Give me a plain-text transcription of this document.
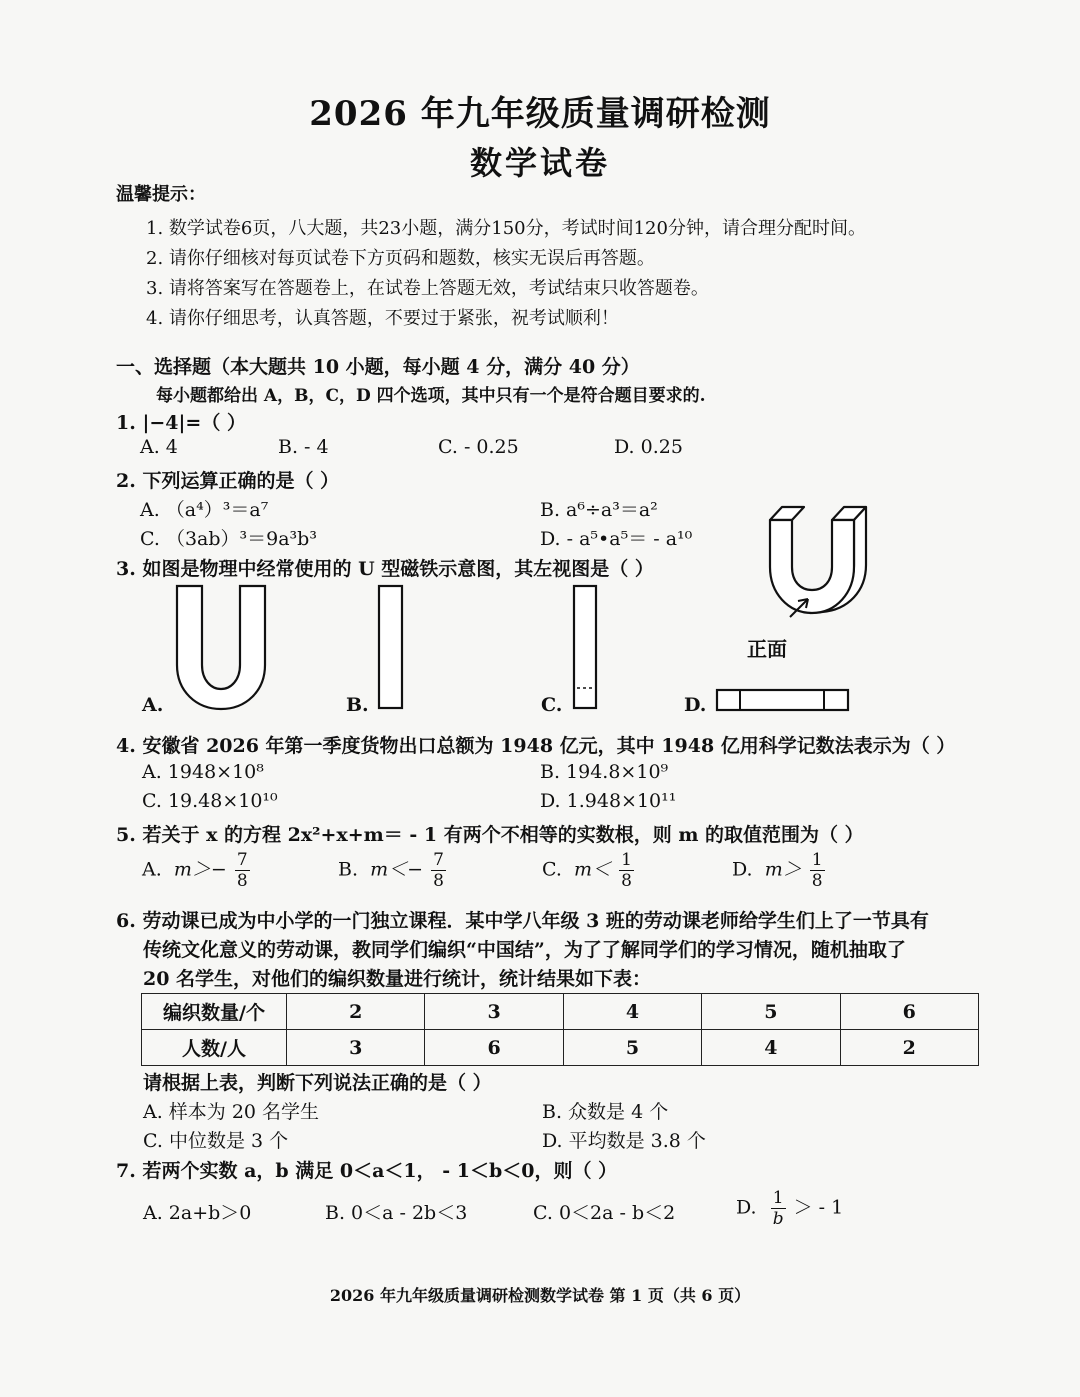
2026 年九年级质量调研检测
数学试卷
温馨提示：
1. 数学试卷6页，八大题，共23小题，满分150分，考试时间120分钟，请合理分配时间。
2. 请你仔细核对每页试卷下方页码和题数，核实无误后再答题。
3. 请将答案写在答题卷上，在试卷上答题无效，考试结束只收答题卷。
4. 请你仔细思考，认真答题，不要过于紧张，祝考试顺利！
一、选择题（本大题共 10 小题，每小题 4 分，满分 40 分）
每小题都给出 A，B，C，D 四个选项，其中只有一个是符合题目要求的.
1. |−4|=（ ）
A. 4	B. - 4	C. - 0.25	D. 0.25
2. 下列运算正确的是（ ）
A. （a⁴）³＝a⁷	B. a⁶÷a³＝a²
C. （3ab）³＝9a³b³	D. - a⁵•a⁵＝ - a¹⁰
3. 如图是物理中经常使用的 U 型磁铁示意图，其左视图是（ ）
正面
A.	B.	C.	D.
4. 安徽省 2026 年第一季度货物出口总额为 1948 亿元，其中 1948 亿用科学记数法表示为（ ）
A. 1948×10⁸	B. 194.8×10⁹
C. 19.48×10¹⁰	D. 1.948×10¹¹
5. 若关于 x 的方程 2x²+x+m＝ - 1 有两个不相等的实数根，则 m 的取值范围为（ ）
A. $m>- \frac{7}{8}$	B. $m<- \frac{7}{8}$	C. $m< \frac{1}{8}$	D. $m> \frac{1}{8}$
6. 劳动课已成为中小学的一门独立课程．某中学八年级 3 班的劳动课老师给学生们上了一节具有
传统文化意义的劳动课，教同学们编织“中国结”，为了了解同学们的学习情况，随机抽取了
20 名学生，对他们的编织数量进行统计，统计结果如下表：
编织数量/个	2	3	4	5	6
人数/人	3	6	5	4	2
请根据上表，判断下列说法正确的是（ ）
A. 样本为 20 名学生	B. 众数是 4 个
C. 中位数是 3 个	D. 平均数是 3.8 个
7. 若两个实数 a，b 满足 0＜a＜1， - 1＜b＜0，则（ ）
A. 2a+b＞0	B. 0＜a - 2b＜3	C. 0＜2a - b＜2	D. $\frac{1}{b}$ ＞ - 1
2026 年九年级质量调研检测数学试卷 第 1 页（共 6 页）
